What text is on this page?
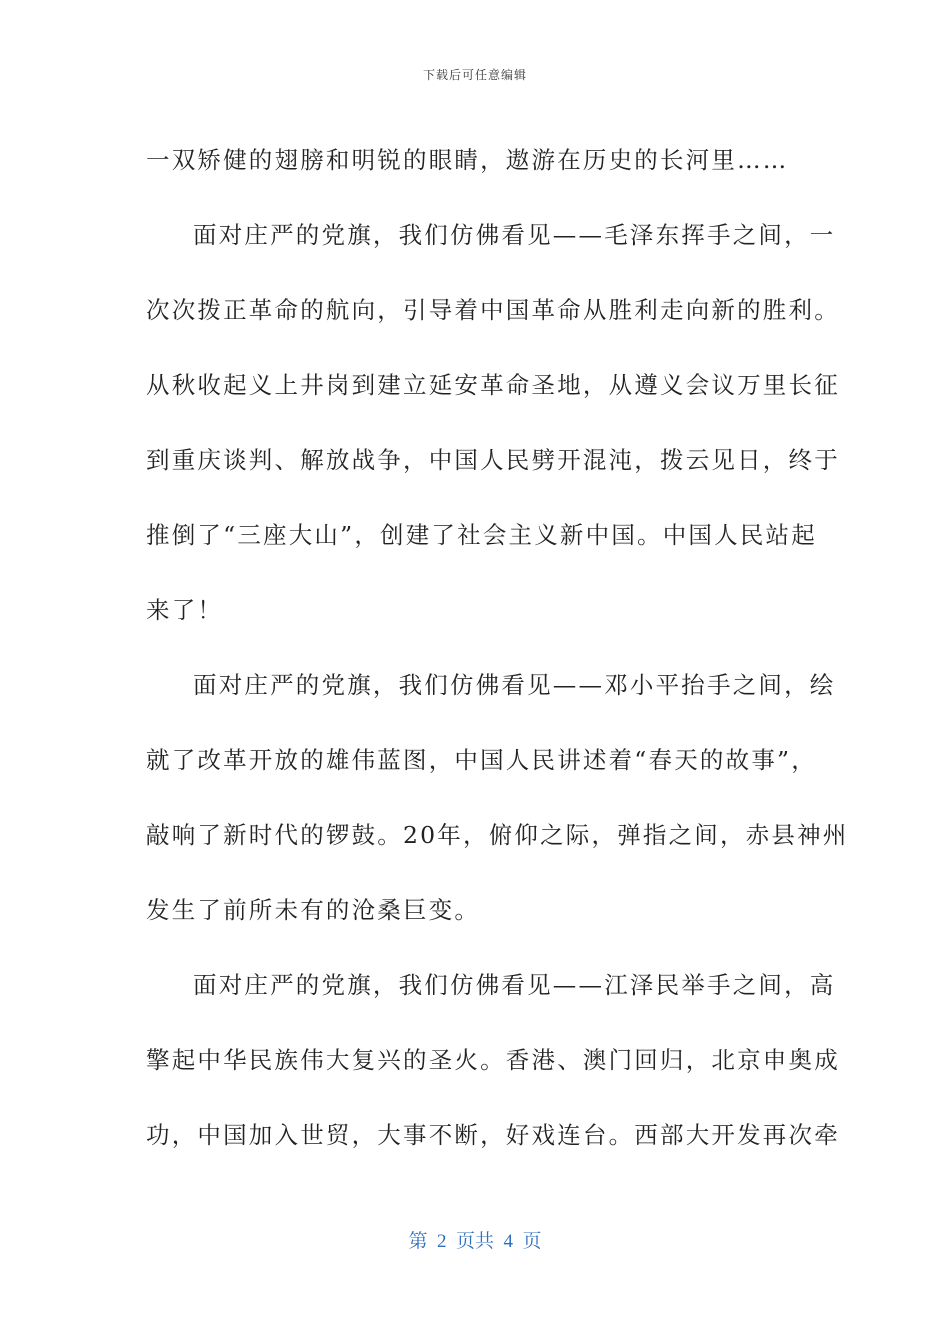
下载后可任意编辑
一双矫健的翅膀和明锐的眼睛，遨游在历史的长河里……
面对庄严的党旗，我们仿佛看见——毛泽东挥手之间，一
次次拨正革命的航向，引导着中国革命从胜利走向新的胜利。
从秋收起义上井岗到建立延安革命圣地，从遵义会议万里长征
到重庆谈判、解放战争，中国人民劈开混沌，拨云见日，终于
推倒了“三座大山”，创建了社会主义新中国。中国人民站起
来了！
面对庄严的党旗，我们仿佛看见——邓小平抬手之间，绘
就了改革开放的雄伟蓝图，中国人民讲述着“春天的故事”，
敲响了新时代的锣鼓。20年，俯仰之际，弹指之间，赤县神州
发生了前所未有的沧桑巨变。
面对庄严的党旗，我们仿佛看见——江泽民举手之间，高
擎起中华民族伟大复兴的圣火。香港、澳门回归，北京申奥成
功，中国加入世贸，大事不断，好戏连台。西部大开发再次牵
第  2  页共  4  页
